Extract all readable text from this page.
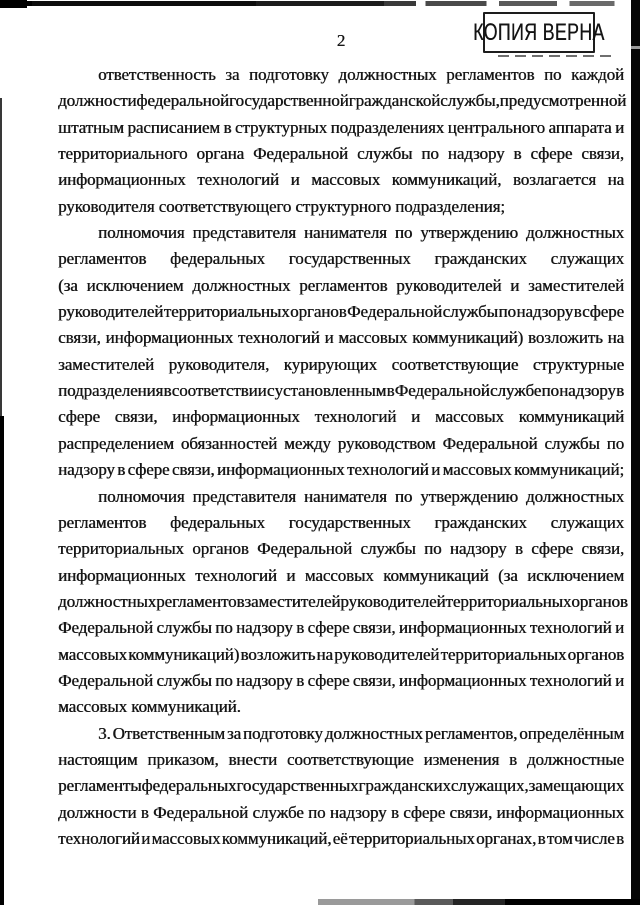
КОПИЯ ВЕРНА
2
ответственность за подготовку должностных регламентов по каждой
должности федеральной государственной гражданской службы, предусмотренной
штатным расписанием в структурных подразделениях центрального аппарата и
территориального органа Федеральной службы по надзору в сфере связи,
информационных технологий и массовых коммуникаций, возлагается на
руководителя соответствующего структурного подразделения;
полномочия представителя нанимателя по утверждению должностных
регламентов федеральных государственных гражданских служащих
(за исключением должностных регламентов руководителей и заместителей
руководителей территориальных органов Федеральной службы по надзору в сфере
связи, информационных технологий и массовых коммуникаций) возложить на
заместителей руководителя, курирующих соответствующие структурные
подразделения в соответствии с установленным в Федеральной службе по надзору в
сфере связи, информационных технологий и массовых коммуникаций
распределением обязанностей между руководством Федеральной службы по
надзору в сфере связи, информационных технологий и массовых коммуникаций;
полномочия представителя нанимателя по утверждению должностных
регламентов федеральных государственных гражданских служащих
территориальных органов Федеральной службы по надзору в сфере связи,
информационных технологий и массовых коммуникаций (за исключением
должностных регламентов заместителей руководителей территориальных органов
Федеральной службы по надзору в сфере связи, информационных технологий и
массовых коммуникаций) возложить на руководителей территориальных органов
Федеральной службы по надзору в сфере связи, информационных технологий и
массовых коммуникаций.
3. Ответственным за подготовку должностных регламентов, определённым
настоящим приказом, внести соответствующие изменения в должностные
регламенты федеральных государственных гражданских служащих, замещающих
должности в Федеральной службе по надзору в сфере связи, информационных
технологий и массовых коммуникаций, её территориальных органах, в том числе в
